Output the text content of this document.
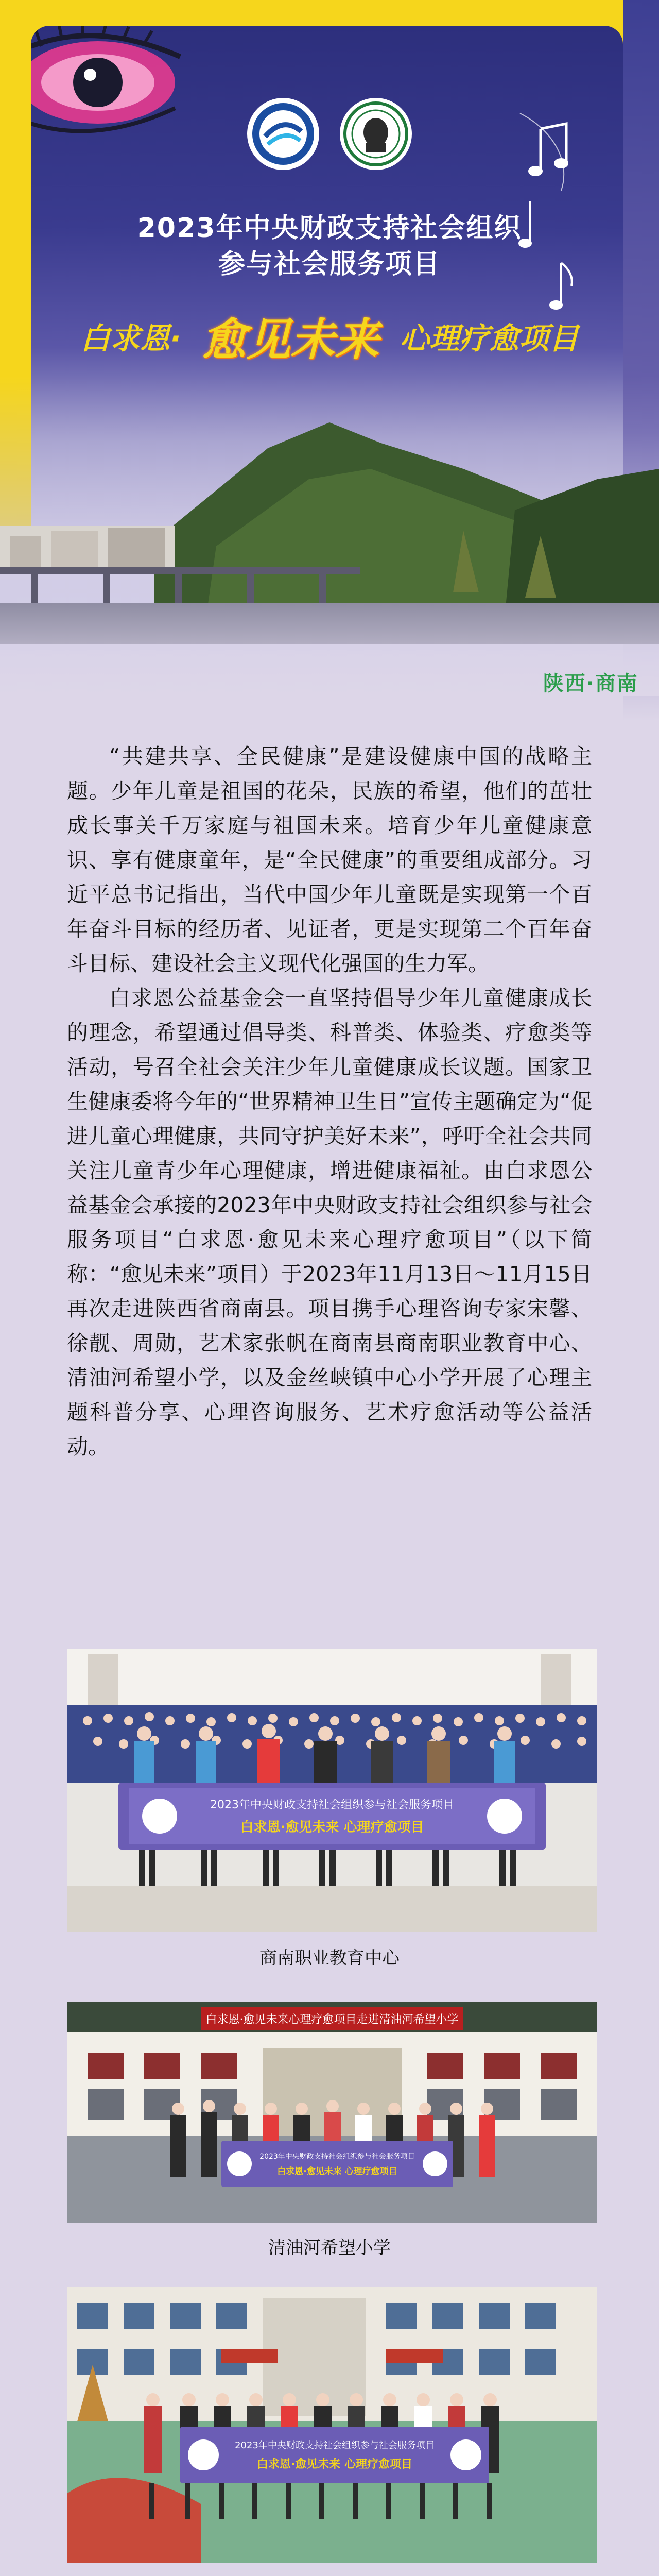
2023年中央财政支持社会组织
参与社会服务项目
白求恩· 愈见未来 心理疗愈项目
陕西·商南

“共建共享、全民健康”是建设健康中国的战略主题。少年儿童是祖国的花朵，民族的希望，他们的茁壮成长事关千万家庭与祖国未来。培育少年儿童健康意识、享有健康童年，是“全民健康”的重要组成部分。习近平总书记指出，当代中国少年儿童既是实现第一个百年奋斗目标的经历者、见证者，更是实现第二个百年奋斗目标、建设社会主义现代化强国的生力军。

白求恩公益基金会一直坚持倡导少年儿童健康成长的理念，希望通过倡导类、科普类、体验类、疗愈类等活动，号召全社会关注少年儿童健康成长议题。国家卫生健康委将今年的“世界精神卫生日”宣传主题确定为“促进儿童心理健康，共同守护美好未来”，呼吁全社会共同关注儿童青少年心理健康，增进健康福祉。由白求恩公益基金会承接的2023年中央财政支持社会组织参与社会服务项目“白求恩·愈见未来心理疗愈项目”（以下简称：“愈见未来”项目）于2023年11月13日～11月15日再次走进陕西省商南县。项目携手心理咨询专家宋馨、徐靓、周勋，艺术家张帆在商南县商南职业教育中心、清油河希望小学，以及金丝峡镇中心小学开展了心理主题科普分享、心理咨询服务、艺术疗愈活动等公益活动。

2023年中央财政支持社会组织参与社会服务项目
白求恩·愈见未来 心理疗愈项目
商南职业教育中心
白求恩·愈见未来心理疗愈项目走进清油河希望小学
2023年中央财政支持社会组织参与社会服务项目
白求恩·愈见未来 心理疗愈项目
清油河希望小学
2023年中央财政支持社会组织参与社会服务项目
白求恩·愈见未来 心理疗愈项目
